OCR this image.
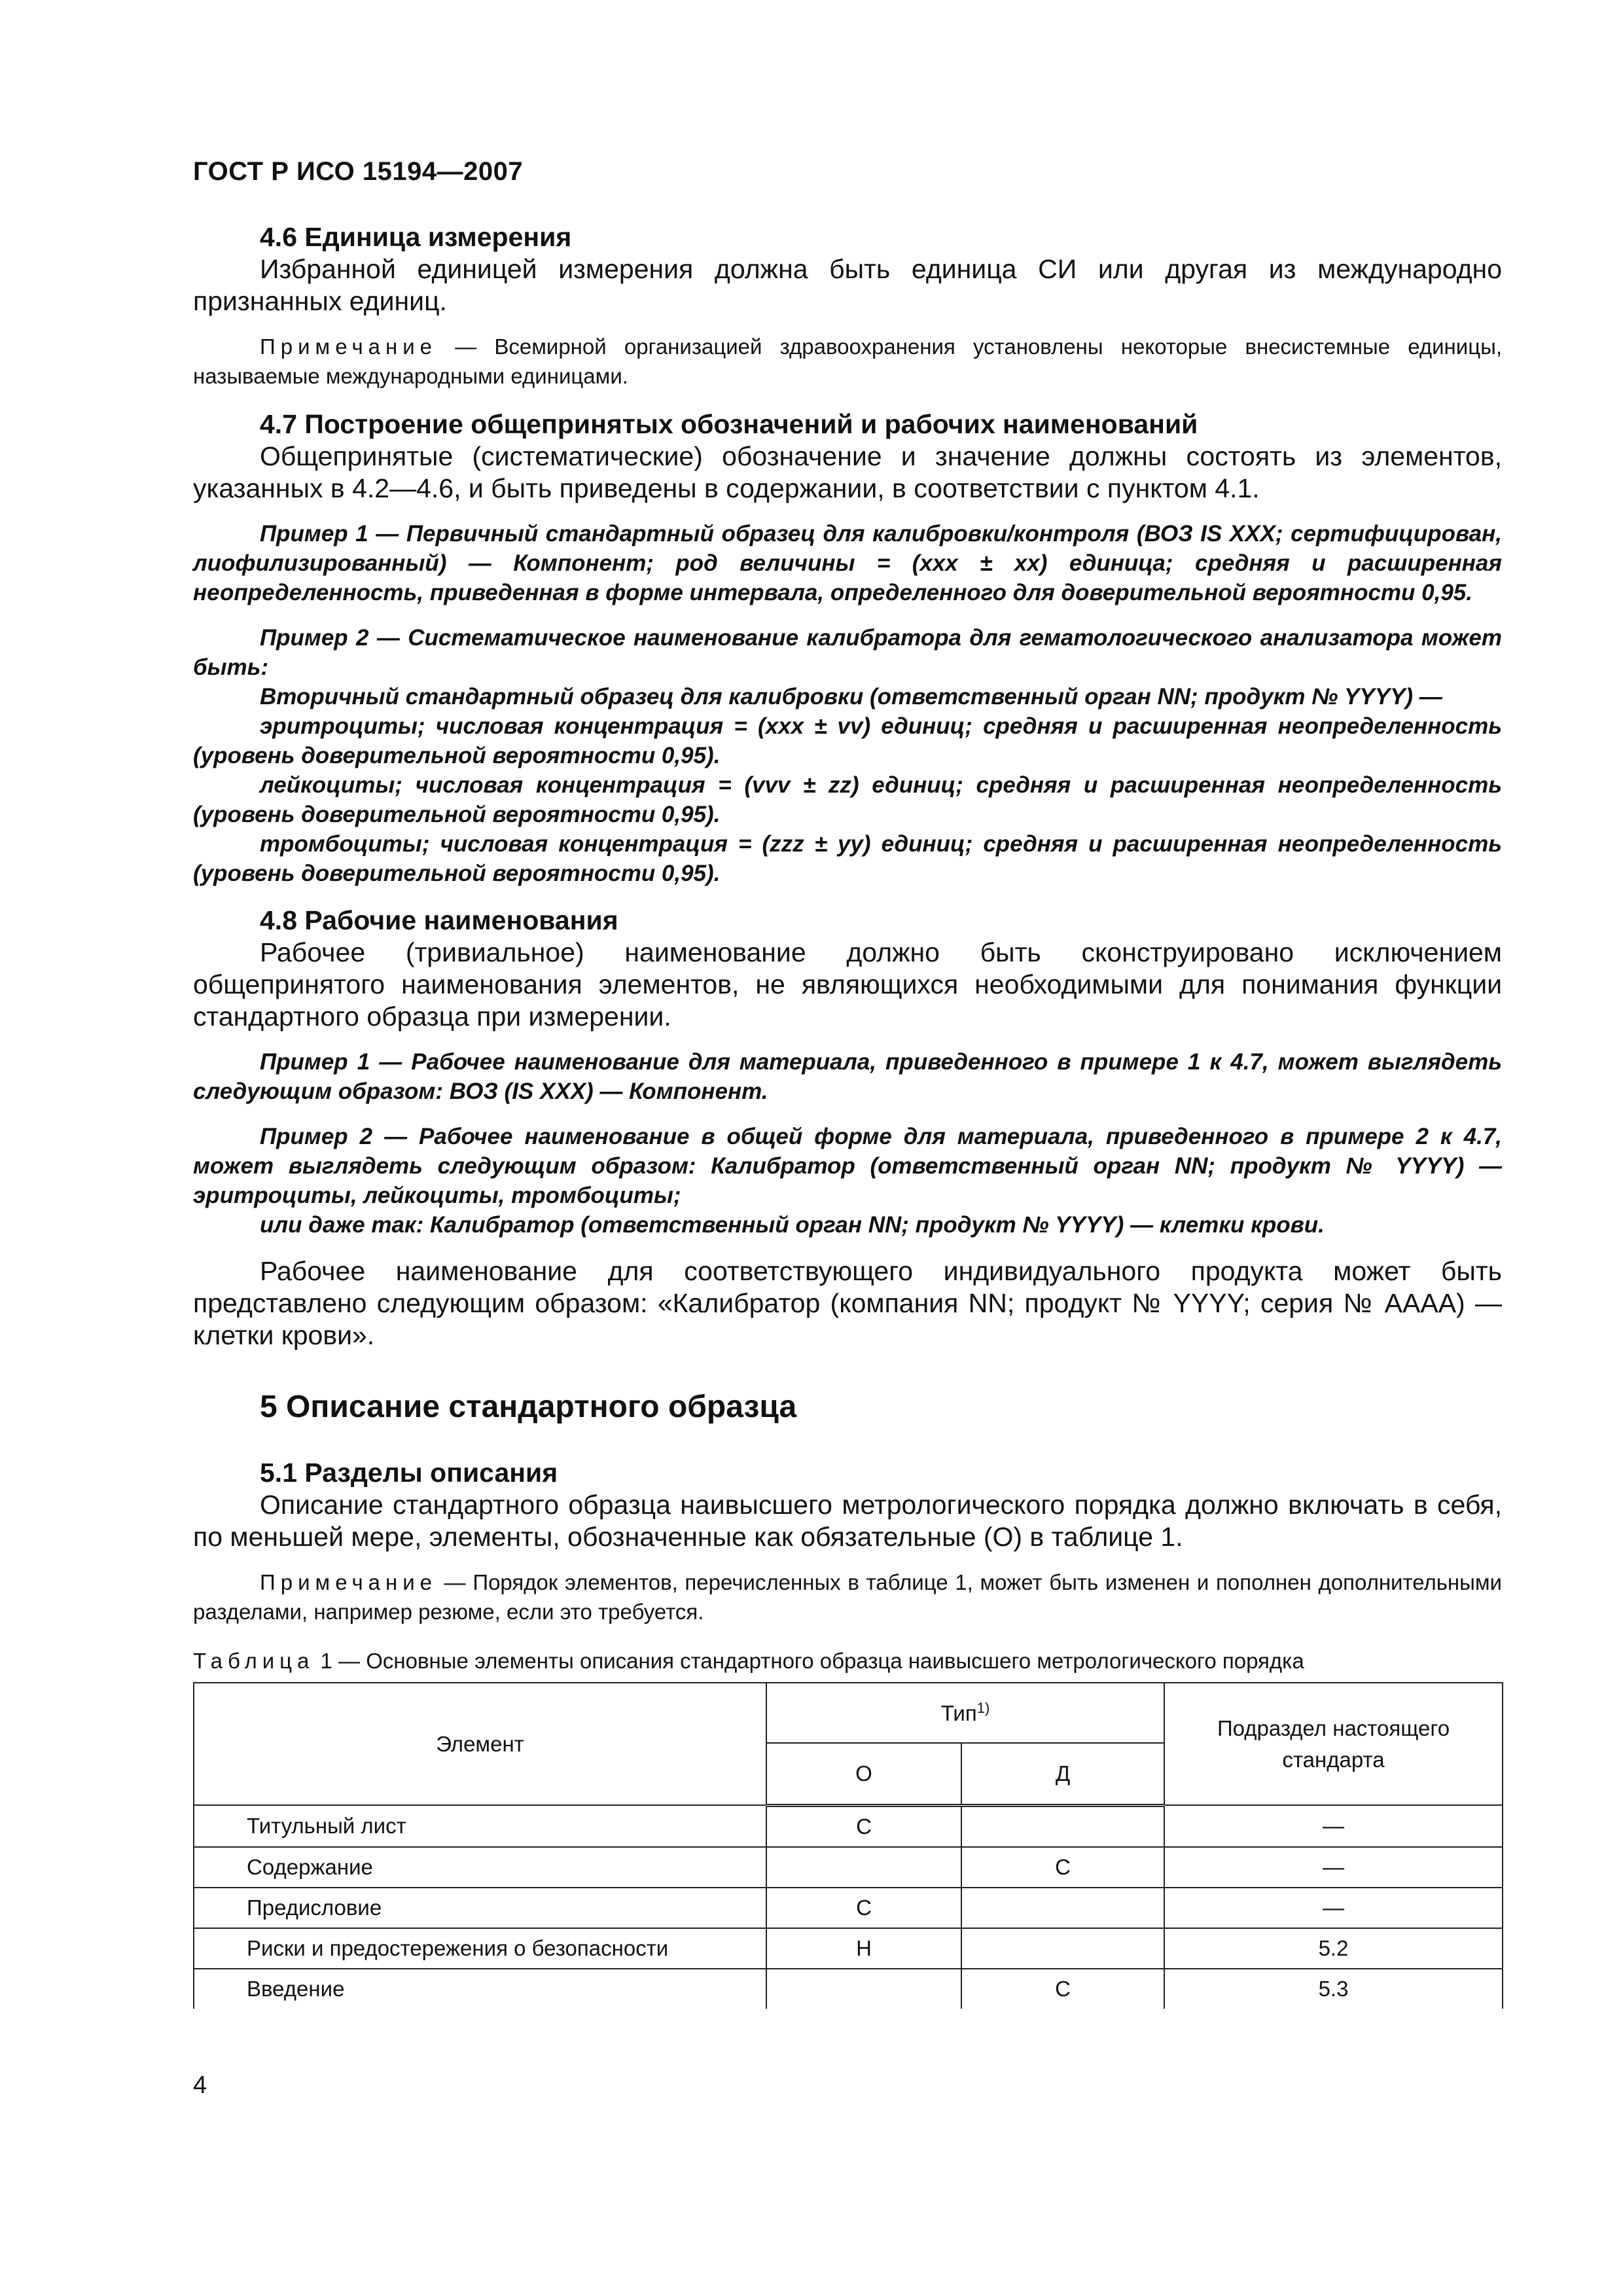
ГОСТ Р ИСО 15194—2007
4.6 Единица измерения

Избранной единицей измерения должна быть единица СИ или другая из международно признанных единиц.

Примечание — Всемирной организацией здравоохранения установлены некоторые внесистемные единицы, называемые международными единицами.

4.7 Построение общепринятых обозначений и рабочих наименований

Общепринятые (систематические) обозначение и значение должны состоять из элементов, указанных в 4.2—4.6, и быть приведены в содержании, в соответствии с пунктом 4.1.

Пример 1 — Первичный стандартный образец для калибровки/контроля (ВОЗ IS XXX; сертифицирован, лиофилизированный) — Компонент; род величины = (xxx ± xx) единица; средняя и расширенная неопределенность, приведенная в форме интервала, определенного для доверительной вероятности 0,95.

Пример 2 — Систематическое наименование калибратора для гематологического анализатора может быть:

Вторичный стандартный образец для калибровки (ответственный орган NN; продукт № YYYY) —

эритроциты; числовая концентрация = (xxx ± vv) единиц; средняя и расширенная неопределенность (уровень доверительной вероятности 0,95).

лейкоциты; числовая концентрация = (vvv ± zz) единиц; средняя и расширенная неопределенность (уровень доверительной вероятности 0,95).

тромбоциты; числовая концентрация = (zzz ± yy) единиц; средняя и расширенная неопределенность (уровень доверительной вероятности 0,95).

4.8 Рабочие наименования

Рабочее (тривиальное) наименование должно быть сконструировано исключением общепринятого наименования элементов, не являющихся необходимыми для понимания функции стандартного образца при измерении.

Пример 1 — Рабочее наименование для материала, приведенного в примере 1 к 4.7, может выглядеть следующим образом: ВОЗ (IS XXX) — Компонент.

Пример 2 — Рабочее наименование в общей форме для материала, приведенного в примере 2 к 4.7, может выглядеть следующим образом: Калибратор (ответственный орган NN; продукт № YYYY) — эритроциты, лейкоциты, тромбоциты;

или даже так: Калибратор (ответственный орган NN; продукт № YYYY) — клетки крови.

Рабочее наименование для соответствующего индивидуального продукта может быть представлено следующим образом: «Калибратор (компания NN; продукт № YYYY; серия № AAAA) — клетки крови».

5 Описание стандартного образца
5.1 Разделы описания

Описание стандартного образца наивысшего метрологического порядка должно включать в себя, по меньшей мере, элементы, обозначенные как обязательные (О) в таблице 1.

Примечание — Порядок элементов, перечисленных в таблице 1, может быть изменен и пополнен дополнительными разделами, например резюме, если это требуется.

Таблица 1 — Основные элементы описания стандартного образца наивысшего метрологического порядка
Элемент	Тип$^{1)}$		Подраздел настоящего стандарта
	О	Д	
Титульный лист	С		—
Содержание		С	—
Предисловие	С		—
Риски и предостережения о безопасности	Н		5.2
Введение		С	5.3
4
